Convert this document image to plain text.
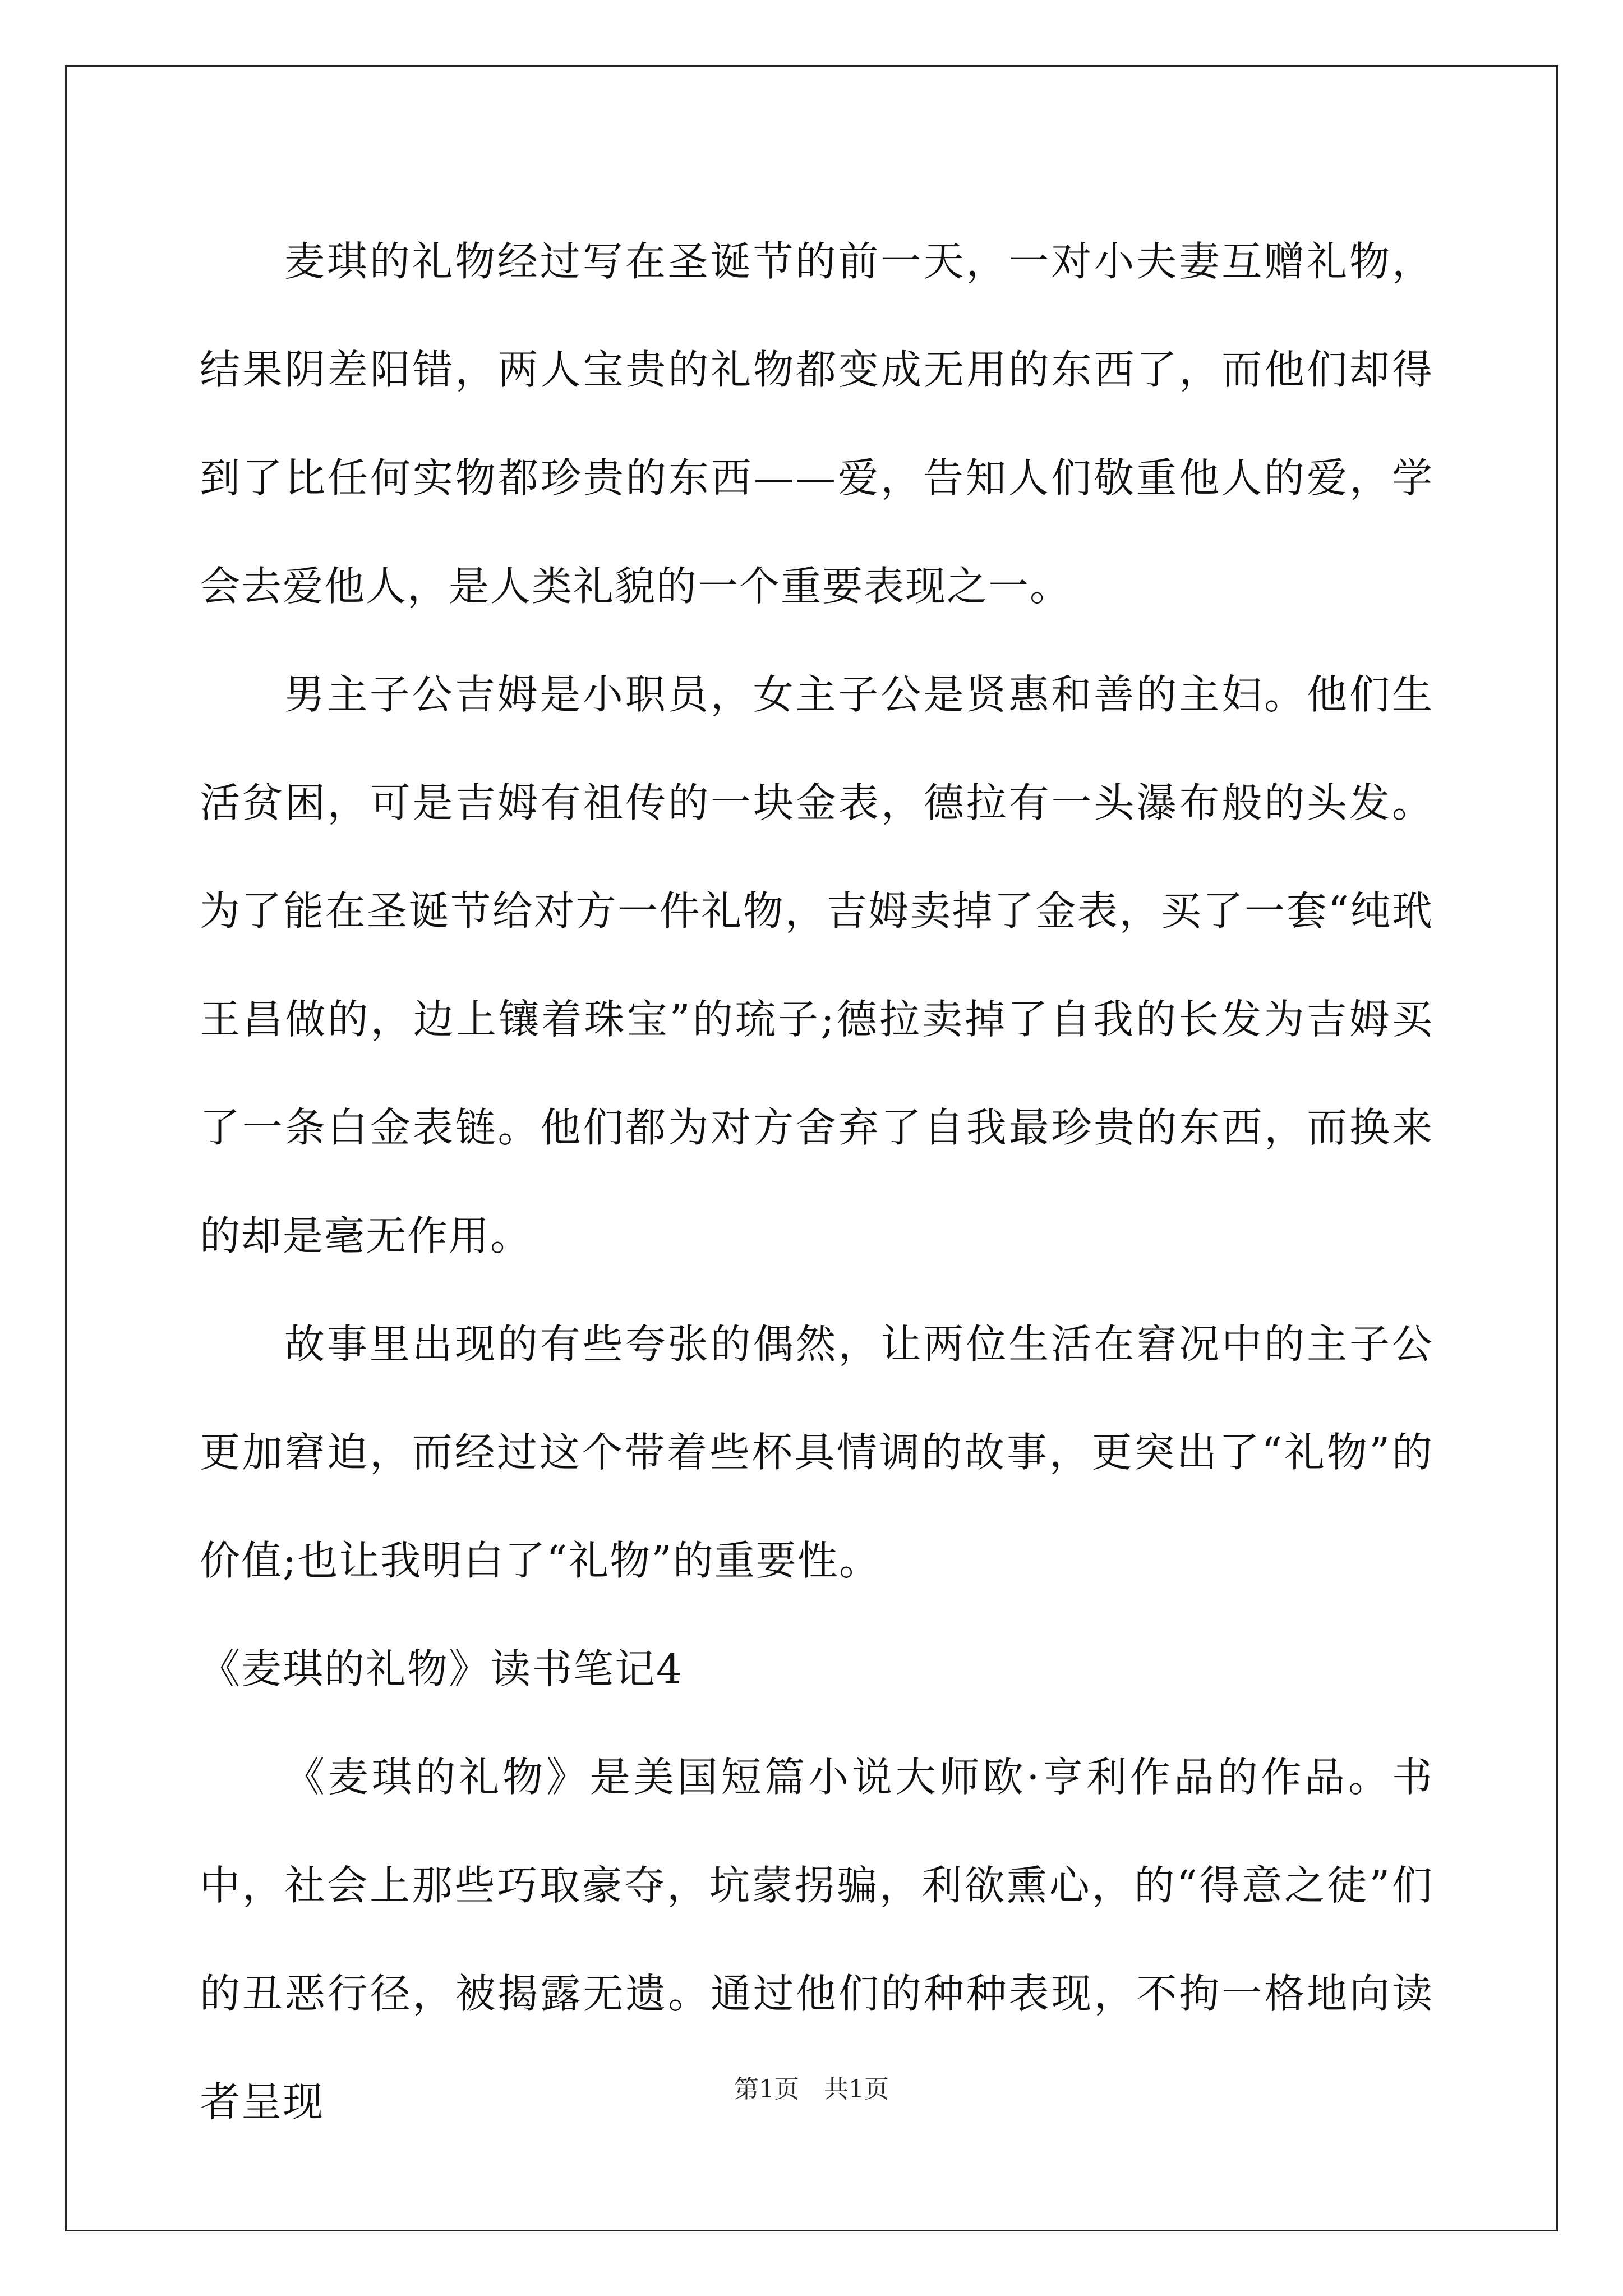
麦琪的礼物经过写在圣诞节的前一天，一对小夫妻互赠礼物，结果阴差阳错，两人宝贵的礼物都变成无用的东西了，而他们却得到了比任何实物都珍贵的东西——爱，告知人们敬重他人的爱，学会去爱他人，是人类礼貌的一个重要表现之一。

男主子公吉姆是小职员，女主子公是贤惠和善的主妇。他们生活贫困，可是吉姆有祖传的一块金表，德拉有一头瀑布般的头发。为了能在圣诞节给对方一件礼物，吉姆卖掉了金表，买了一套“纯玳王昌做的，边上镶着珠宝”的琉子;德拉卖掉了自我的长发为吉姆买了一条白金表链。他们都为对方舍弃了自我最珍贵的东西，而换来的却是毫无作用。

故事里出现的有些夸张的偶然，让两位生活在窘况中的主子公更加窘迫，而经过这个带着些杯具情调的故事，更突出了“礼物”的价值;也让我明白了“礼物”的重要性。

《麦琪的礼物》读书笔记4

《麦琪的礼物》是美国短篇小说大师欧·亨利作品的作品。书中，社会上那些巧取豪夺，坑蒙拐骗，利欲熏心，的“得意之徒”们的丑恶行径，被揭露无遗。通过他们的种种表现，不拘一格地向读者呈现	第1页　共1页
